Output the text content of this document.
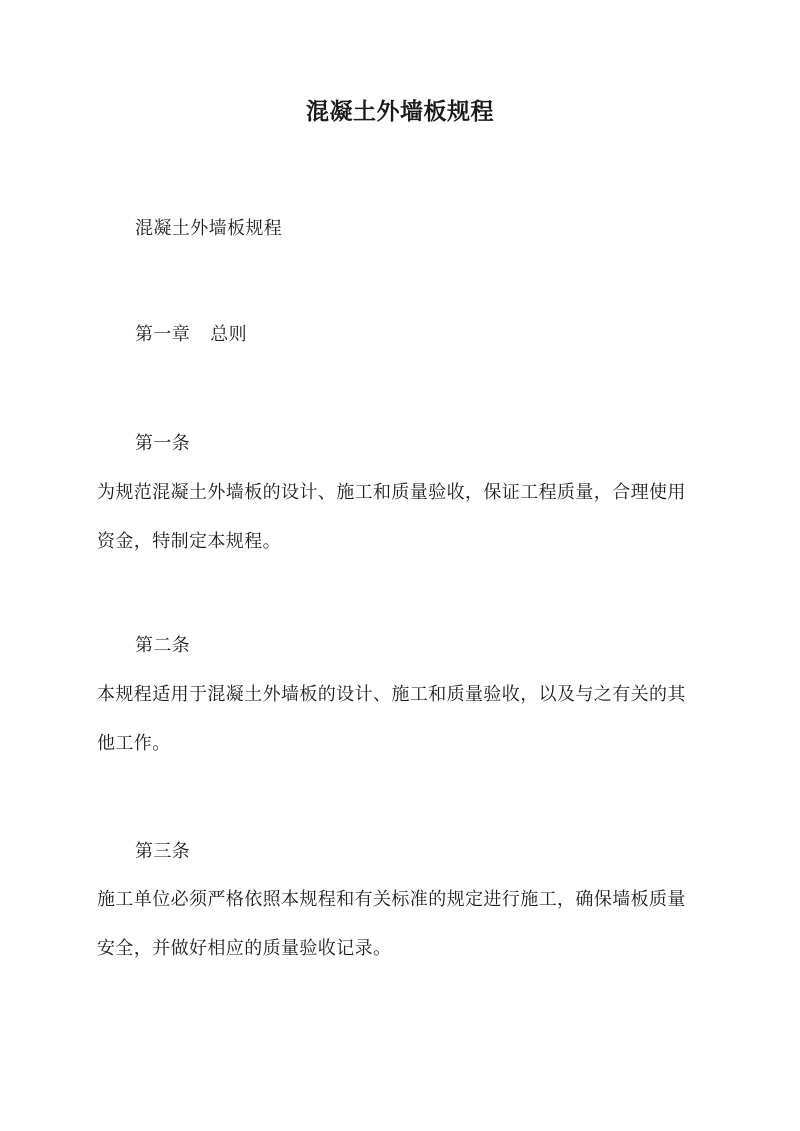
混凝土外墙板规程
混凝土外墙板规程
第一章 总则
第一条
为规范混凝土外墙板的设计、施工和质量验收，保证工程质量，合理使用
资金，特制定本规程。
第二条
本规程适用于混凝土外墙板的设计、施工和质量验收，以及与之有关的其
他工作。
第三条
施工单位必须严格依照本规程和有关标准的规定进行施工，确保墙板质量
安全，并做好相应的质量验收记录。
